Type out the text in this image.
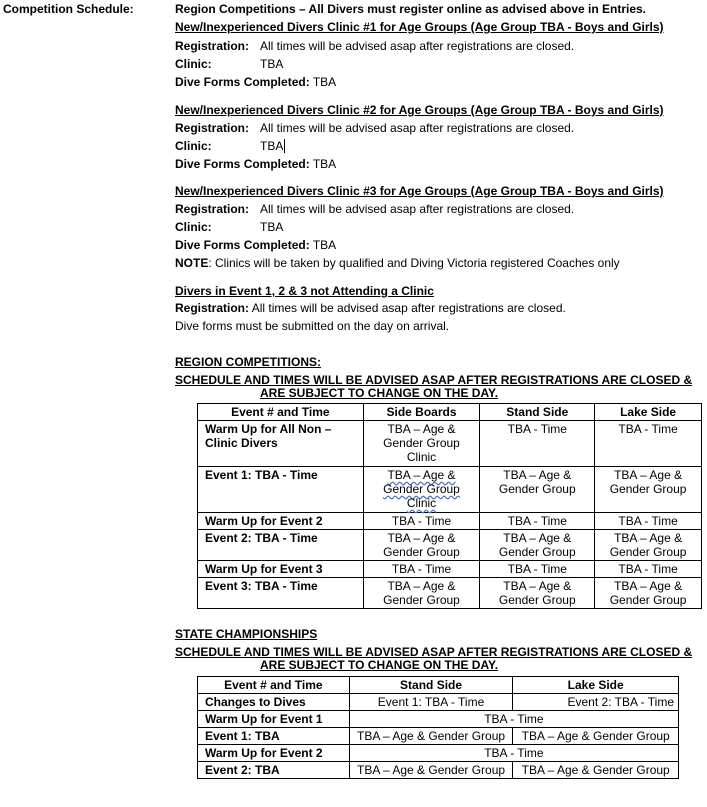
Competition Schedule:	Region Competitions – All Divers must register online as advised above in Entries.
New/Inexperienced Divers Clinic #1 for Age Groups (Age Group TBA - Boys and Girls)
Registration: All times will be advised asap after registrations are closed.
Clinic:	TBA
Dive Forms Completed: TBA
New/Inexperienced Divers Clinic #2 for Age Groups (Age Group TBA - Boys and Girls)
Registration: All times will be advised asap after registrations are closed.
Clinic:	TBA
Dive Forms Completed: TBA
New/Inexperienced Divers Clinic #3 for Age Groups (Age Group TBA - Boys and Girls)
Registration: All times will be advised asap after registrations are closed.
Clinic:	TBA
Dive Forms Completed: TBA
NOTE: Clinics will be taken by qualified and Diving Victoria registered Coaches only
Divers in Event 1, 2 & 3 not Attending a Clinic
Registration: All times will be advised asap after registrations are closed.
Dive forms must be submitted on the day on arrival.
REGION COMPETITIONS:
SCHEDULE AND TIMES WILL BE ADVISED ASAP AFTER REGISTRATIONS ARE CLOSED &
ARE SUBJECT TO CHANGE ON THE DAY.
Event # and Time	Side Boards	Stand Side	Lake Side
Warm Up for All Non – Clinic Divers	TBA – Age & Gender Group Clinic	TBA - Time	TBA - Time
Event 1: TBA - Time	TBA – Age & Gender Group Clinic	TBA – Age & Gender Group	TBA – Age & Gender Group
Warm Up for Event 2	TBA - Time	TBA - Time	TBA - Time
Event 2: TBA - Time	TBA – Age & Gender Group	TBA – Age & Gender Group	TBA – Age & Gender Group
Warm Up for Event 3	TBA - Time	TBA - Time	TBA - Time
Event 3: TBA - Time	TBA – Age & Gender Group	TBA – Age & Gender Group	TBA – Age & Gender Group
STATE CHAMPIONSHIPS
SCHEDULE AND TIMES WILL BE ADVISED ASAP AFTER REGISTRATIONS ARE CLOSED &
ARE SUBJECT TO CHANGE ON THE DAY.
Event # and Time	Stand Side	Lake Side
Changes to Dives	Event 1: TBA - Time	Event 2: TBA - Time
Warm Up for Event 1	TBA - Time	
Event 1: TBA	TBA – Age & Gender Group	TBA – Age & Gender Group
Warm Up for Event 2	TBA - Time	
Event 2: TBA	TBA – Age & Gender Group	TBA – Age & Gender Group
